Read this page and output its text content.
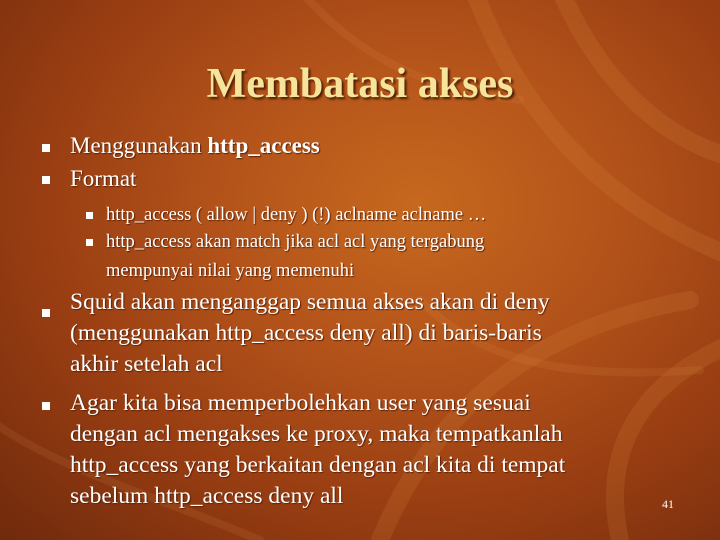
Membatasi akses
Menggunakan http_access
Format
http_access ( allow | deny ) (!) aclname aclname …
http_access akan match jika acl acl yang tergabung
mempunyai nilai yang memenuhi
Squid akan menganggap semua akses akan di deny
(menggunakan http_access deny all) di baris-baris
akhir setelah acl
Agar kita bisa memperbolehkan user yang sesuai
dengan acl mengakses ke proxy, maka tempatkanlah
http_access yang berkaitan dengan acl kita di tempat
sebelum http_access deny all	41
